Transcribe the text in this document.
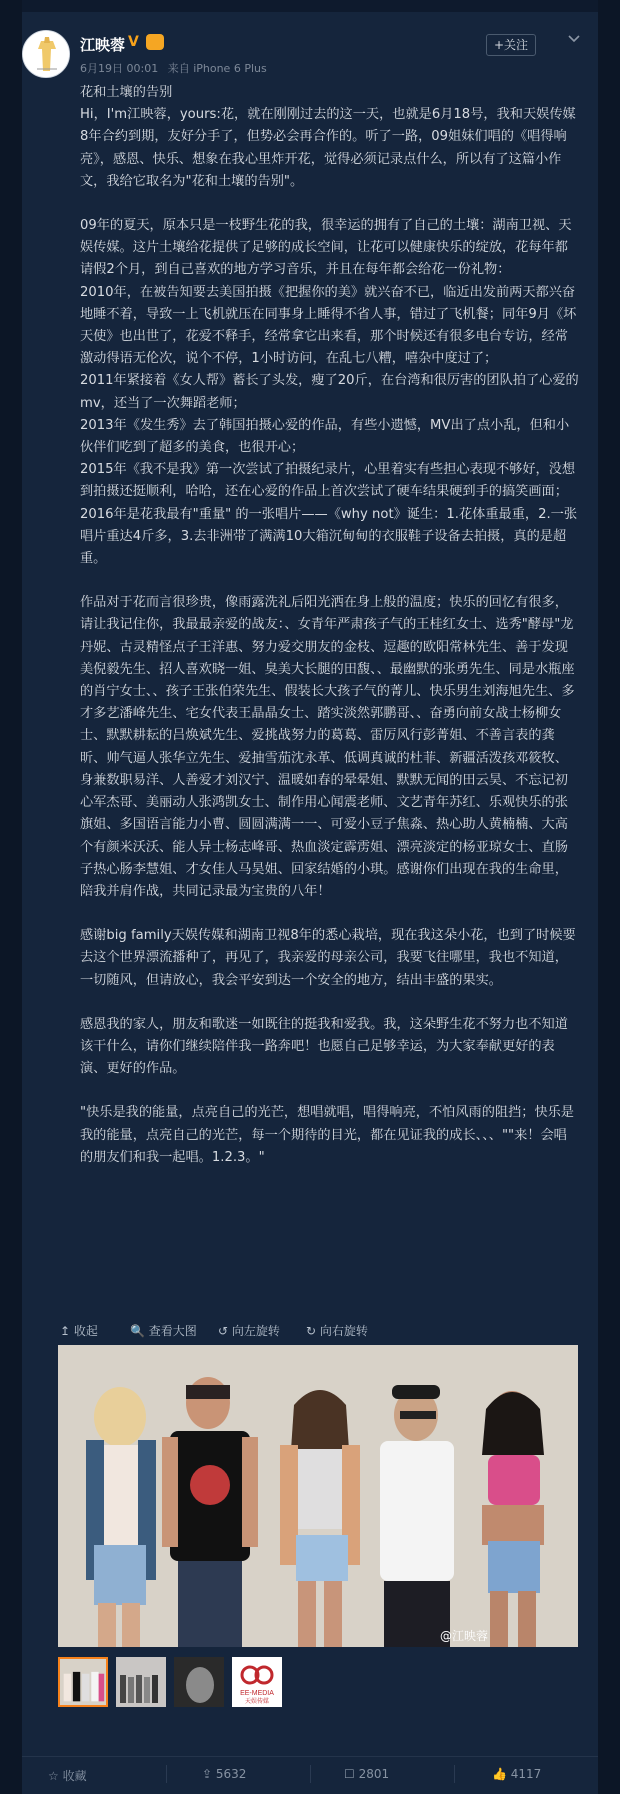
江映蓉 V
6月19日 00:01 来自 iPhone 6 Plus
+关注

花和土壤的告别

Hi，I'm江映蓉，yours:花，就在刚刚过去的这一天，也就是6月18号，我和天娱传媒8年合约到期，友好分手了，但势必会再合作的。听了一路，09姐妹们唱的《唱得响亮》，感恩、快乐、想象在我心里炸开花，觉得必须记录点什么，所以有了这篇小作文，我给它取名为"花和土壤的告别"。

09年的夏天，原本只是一枝野生花的我，很幸运的拥有了自己的土壤：湖南卫视、天娱传媒。这片土壤给花提供了足够的成长空间，让花可以健康快乐的绽放，花每年都请假2个月，到自己喜欢的地方学习音乐，并且在每年都会给花一份礼物：

2010年，在被告知要去美国拍摄《把握你的美》就兴奋不已，临近出发前两天都兴奋地睡不着，导致一上飞机就压在同事身上睡得不省人事，错过了飞机餐；同年9月《坏天使》也出世了，花爱不释手，经常拿它出来看，那个时候还有很多电台专访，经常激动得语无伦次，说个不停，1小时访问，在乱七八糟，嘻杂中度过了；

2011年紧接着《女人帮》蓄长了头发，瘦了20斤，在台湾和很厉害的团队拍了心爱的mv，还当了一次舞蹈老师；

2013年《发生秀》去了韩国拍摄心爱的作品，有些小遗憾，MV出了点小乱，但和小伙伴们吃到了超多的美食，也很开心；

2015年《我不是我》第一次尝试了拍摄纪录片，心里着实有些担心表现不够好，没想到拍摄还挺顺利，哈哈，还在心爱的作品上首次尝试了硬车结果硬到手的搞笑画面；

2016年是花我最有"重量" 的一张唱片——《why not》诞生：1.花体重最重，2.一张唱片重达4斤多，3.去非洲带了满满10大箱沉甸甸的衣服鞋子设备去拍摄，真的是超重。

作品对于花而言很珍贵，像雨露洗礼后阳光洒在身上般的温度；快乐的回忆有很多，请让我记住你，我最最亲爱的战友：、女青年严肃孩子气的王桂红女士、选秀"酵母"龙丹妮、古灵精怪点子王洋惠、努力爱交朋友的金枝、逗趣的欧阳常林先生、善于发现美倪毅先生、招人喜欢晓一姐、臭美大长腿的田馥、、最幽默的张勇先生、同是水瓶座的肖宁女士、、孩子王张伯荣先生、假装长大孩子气的菁儿、快乐男生刘海旭先生、多才多艺潘峰先生、宅女代表王晶晶女士、踏实淡然郭鹏哥、、奋勇向前女战士杨柳女士、默默耕耘的吕焕斌先生、爱挑战努力的葛葛、雷厉风行彭菁姐、不善言表的龚昕、帅气逼人张华立先生、爱抽雪茄沈永革、低调真诚的杜菲、新疆活泼孩邓筱牧、身兼数职易洋、人善爱才刘汉宁、温暖如春的晕晕姐、默默无闻的田云昊、不忘记初心军杰哥、美丽动人张鸿凯女士、制作用心闻震老师、文艺青年苏红、乐观快乐的张旗姐、多国语言能力小曹、圆圆满满一一、可爱小豆子焦淼、热心助人黄楠楠、大高个有颜米沃沃、能人异士杨志峰哥、热血淡定霹雳姐、漂亮淡定的杨亚琼女士、直肠子热心肠李慧姐、才女佳人马昊姐、回家结婚的小琪。感谢你们出现在我的生命里，陪我并肩作战，共同记录最为宝贵的八年！

感谢big family天娱传媒和湖南卫视8年的悉心栽培，现在我这朵小花，也到了时候要去这个世界漂流播种了，再见了，我亲爱的母亲公司，我要飞往哪里，我也不知道，一切随风，但请放心，我会平安到达一个安全的地方，结出丰盛的果实。

感恩我的家人，朋友和歌迷一如既往的挺我和爱我。我，这朵野生花不努力也不知道该干什么，请你们继续陪伴我一路奔吧！也愿自己足够幸运，为大家奉献更好的表演、更好的作品。

"快乐是我的能量，点亮自己的光芒，想唱就唱，唱得响亮，不怕风雨的阻挡；快乐是我的能量，点亮自己的光芒，每一个期待的目光，都在见证我的成长、、、""来！会唱的朋友们和我一起唱。1.2.3。"

↥ 收起	🔍 查看大图 ↺ 向左旋转 ↻ 向右旋转
@江映蓉
EE-MEDIA
天娱传媒
☆ 收藏	⇪ 5632	☐ 2801	👍 4117
